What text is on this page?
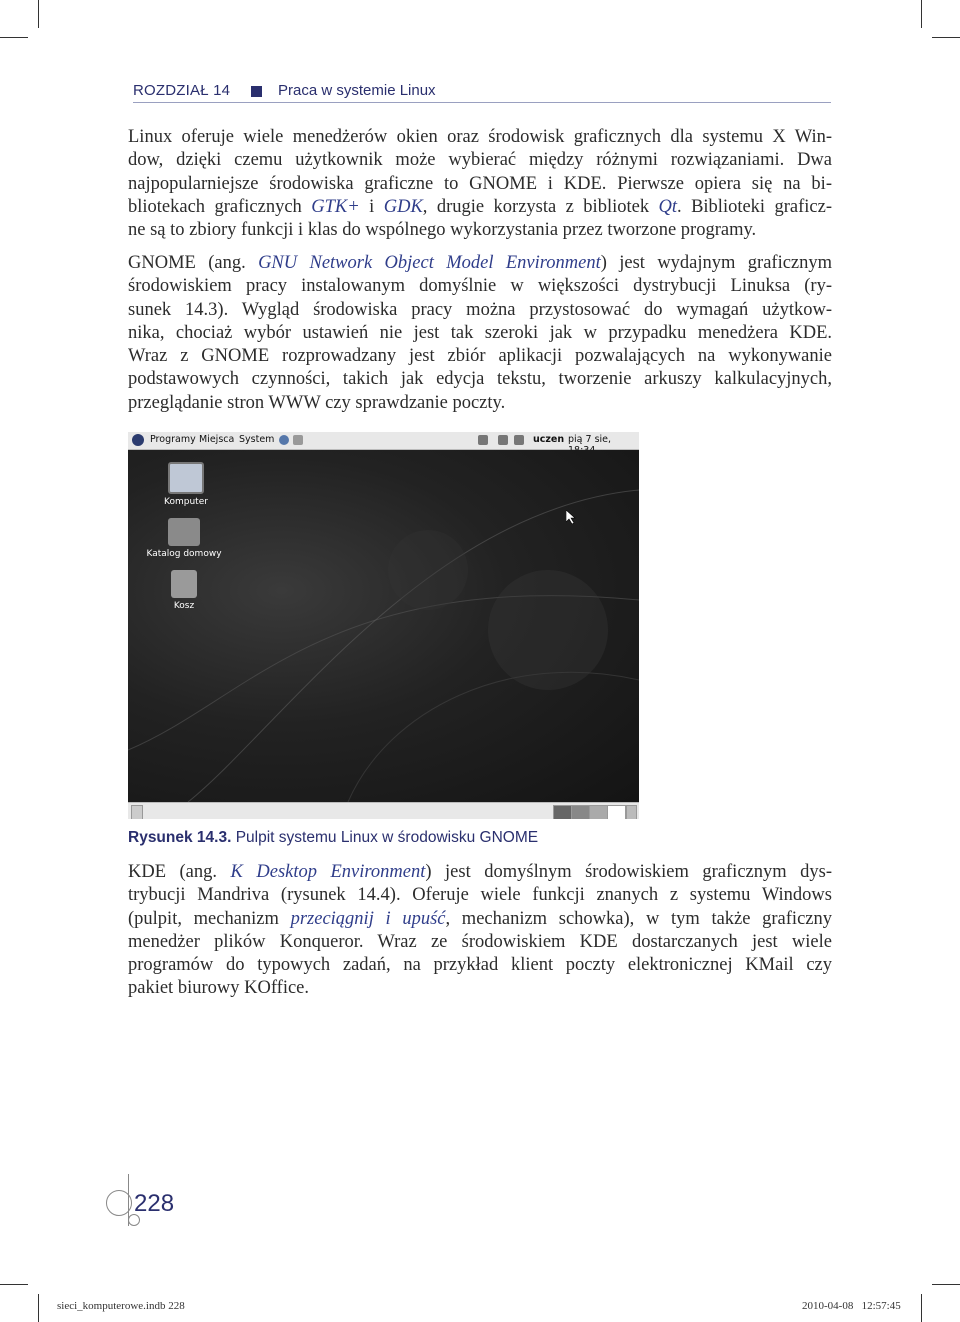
ROZDZIAŁ 14	Praca w systemie Linux
Linux oferuje wiele menedżerów okien oraz środowisk graficznych dla systemu X Win-
dow, dzięki czemu użytkownik może wybierać między różnymi rozwiązaniami. Dwa
najpopularniejsze środowiska graficzne to GNOME i KDE. Pierwsze opiera się na bi-
bliotekach graficznych GTK+ i GDK, drugie korzysta z bibliotek Qt. Biblioteki graficz-
ne są to zbiory funkcji i klas do wspólnego wykorzystania przez tworzone programy.
GNOME (ang. GNU Network Object Model Environment) jest wydajnym graficznym
środowiskiem pracy instalowanym domyślnie w większości dystrybucji Linuksa (ry-
sunek 14.3). Wygląd środowiska pracy można przystosować do wymagań użytkow-
nika, chociaż wybór ustawień nie jest tak szeroki jak w przypadku menedżera KDE.
Wraz z GNOME rozprowadzany jest zbiór aplikacji pozwalających na wykonywanie
podstawowych czynności, takich jak edycja tekstu, tworzenie arkuszy kalkulacyjnych,
przeglądanie stron WWW czy sprawdzanie poczty.
Programy Miejsca System	uczen pią 7 sie,
Komputer
Katalog domowy
Kosz
Rysunek 14.3. Pulpit systemu Linux w środowisku GNOME
KDE (ang. K Desktop Environment) jest domyślnym środowiskiem graficznym dys-
trybucji Mandriva (rysunek 14.4). Oferuje wiele funkcji znanych z systemu Windows
(pulpit, mechanizm przeciągnij i upuść, mechanizm schowka), w tym także graficzny
menedżer plików Konqueror. Wraz ze środowiskiem KDE dostarczanych jest wiele
programów do typowych zadań, na przykład klient poczty elektronicznej KMail czy
pakiet biurowy KOffice.
228
sieci_komputerowe.indb 228	2010-04-08   12:57:45
